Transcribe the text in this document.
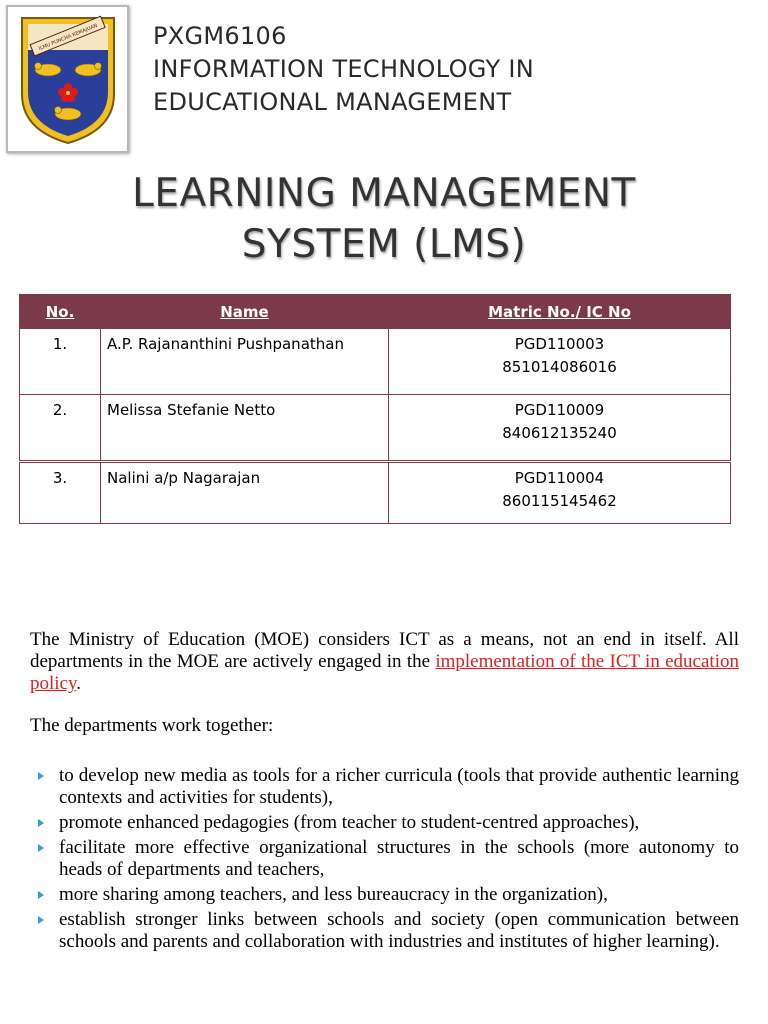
ILMU PUNCHA KEMAJUAN PXGM6106
INFORMATION TECHNOLOGY IN
EDUCATIONAL MANAGEMENT
LEARNING MANAGEMENT
SYSTEM (LMS)
No.	Name	Matric No./ IC No
1.	A.P. Rajananthini Pushpanathan	PGD110003
851014086016

2.	Melissa Stefanie Netto	PGD110009
840612135240

3.	Nalini a/p Nagarajan	PGD110004
860115145462

The Ministry of Education (MOE) considers ICT as a means, not an end in itself. All departments in the MOE are actively engaged in the implementation of the ICT in education policy.

The departments work together:

to develop new media as tools for a richer curricula (tools that provide authentic learning contexts and activities for students),
promote enhanced pedagogies (from teacher to student-centred approaches),
facilitate more effective organizational structures in the schools (more autonomy to heads of departments and teachers,
more sharing among teachers, and less bureaucracy in the organization),
establish stronger links between schools and society (open communication between schools and parents and collaboration with industries and institutes of higher learning).
